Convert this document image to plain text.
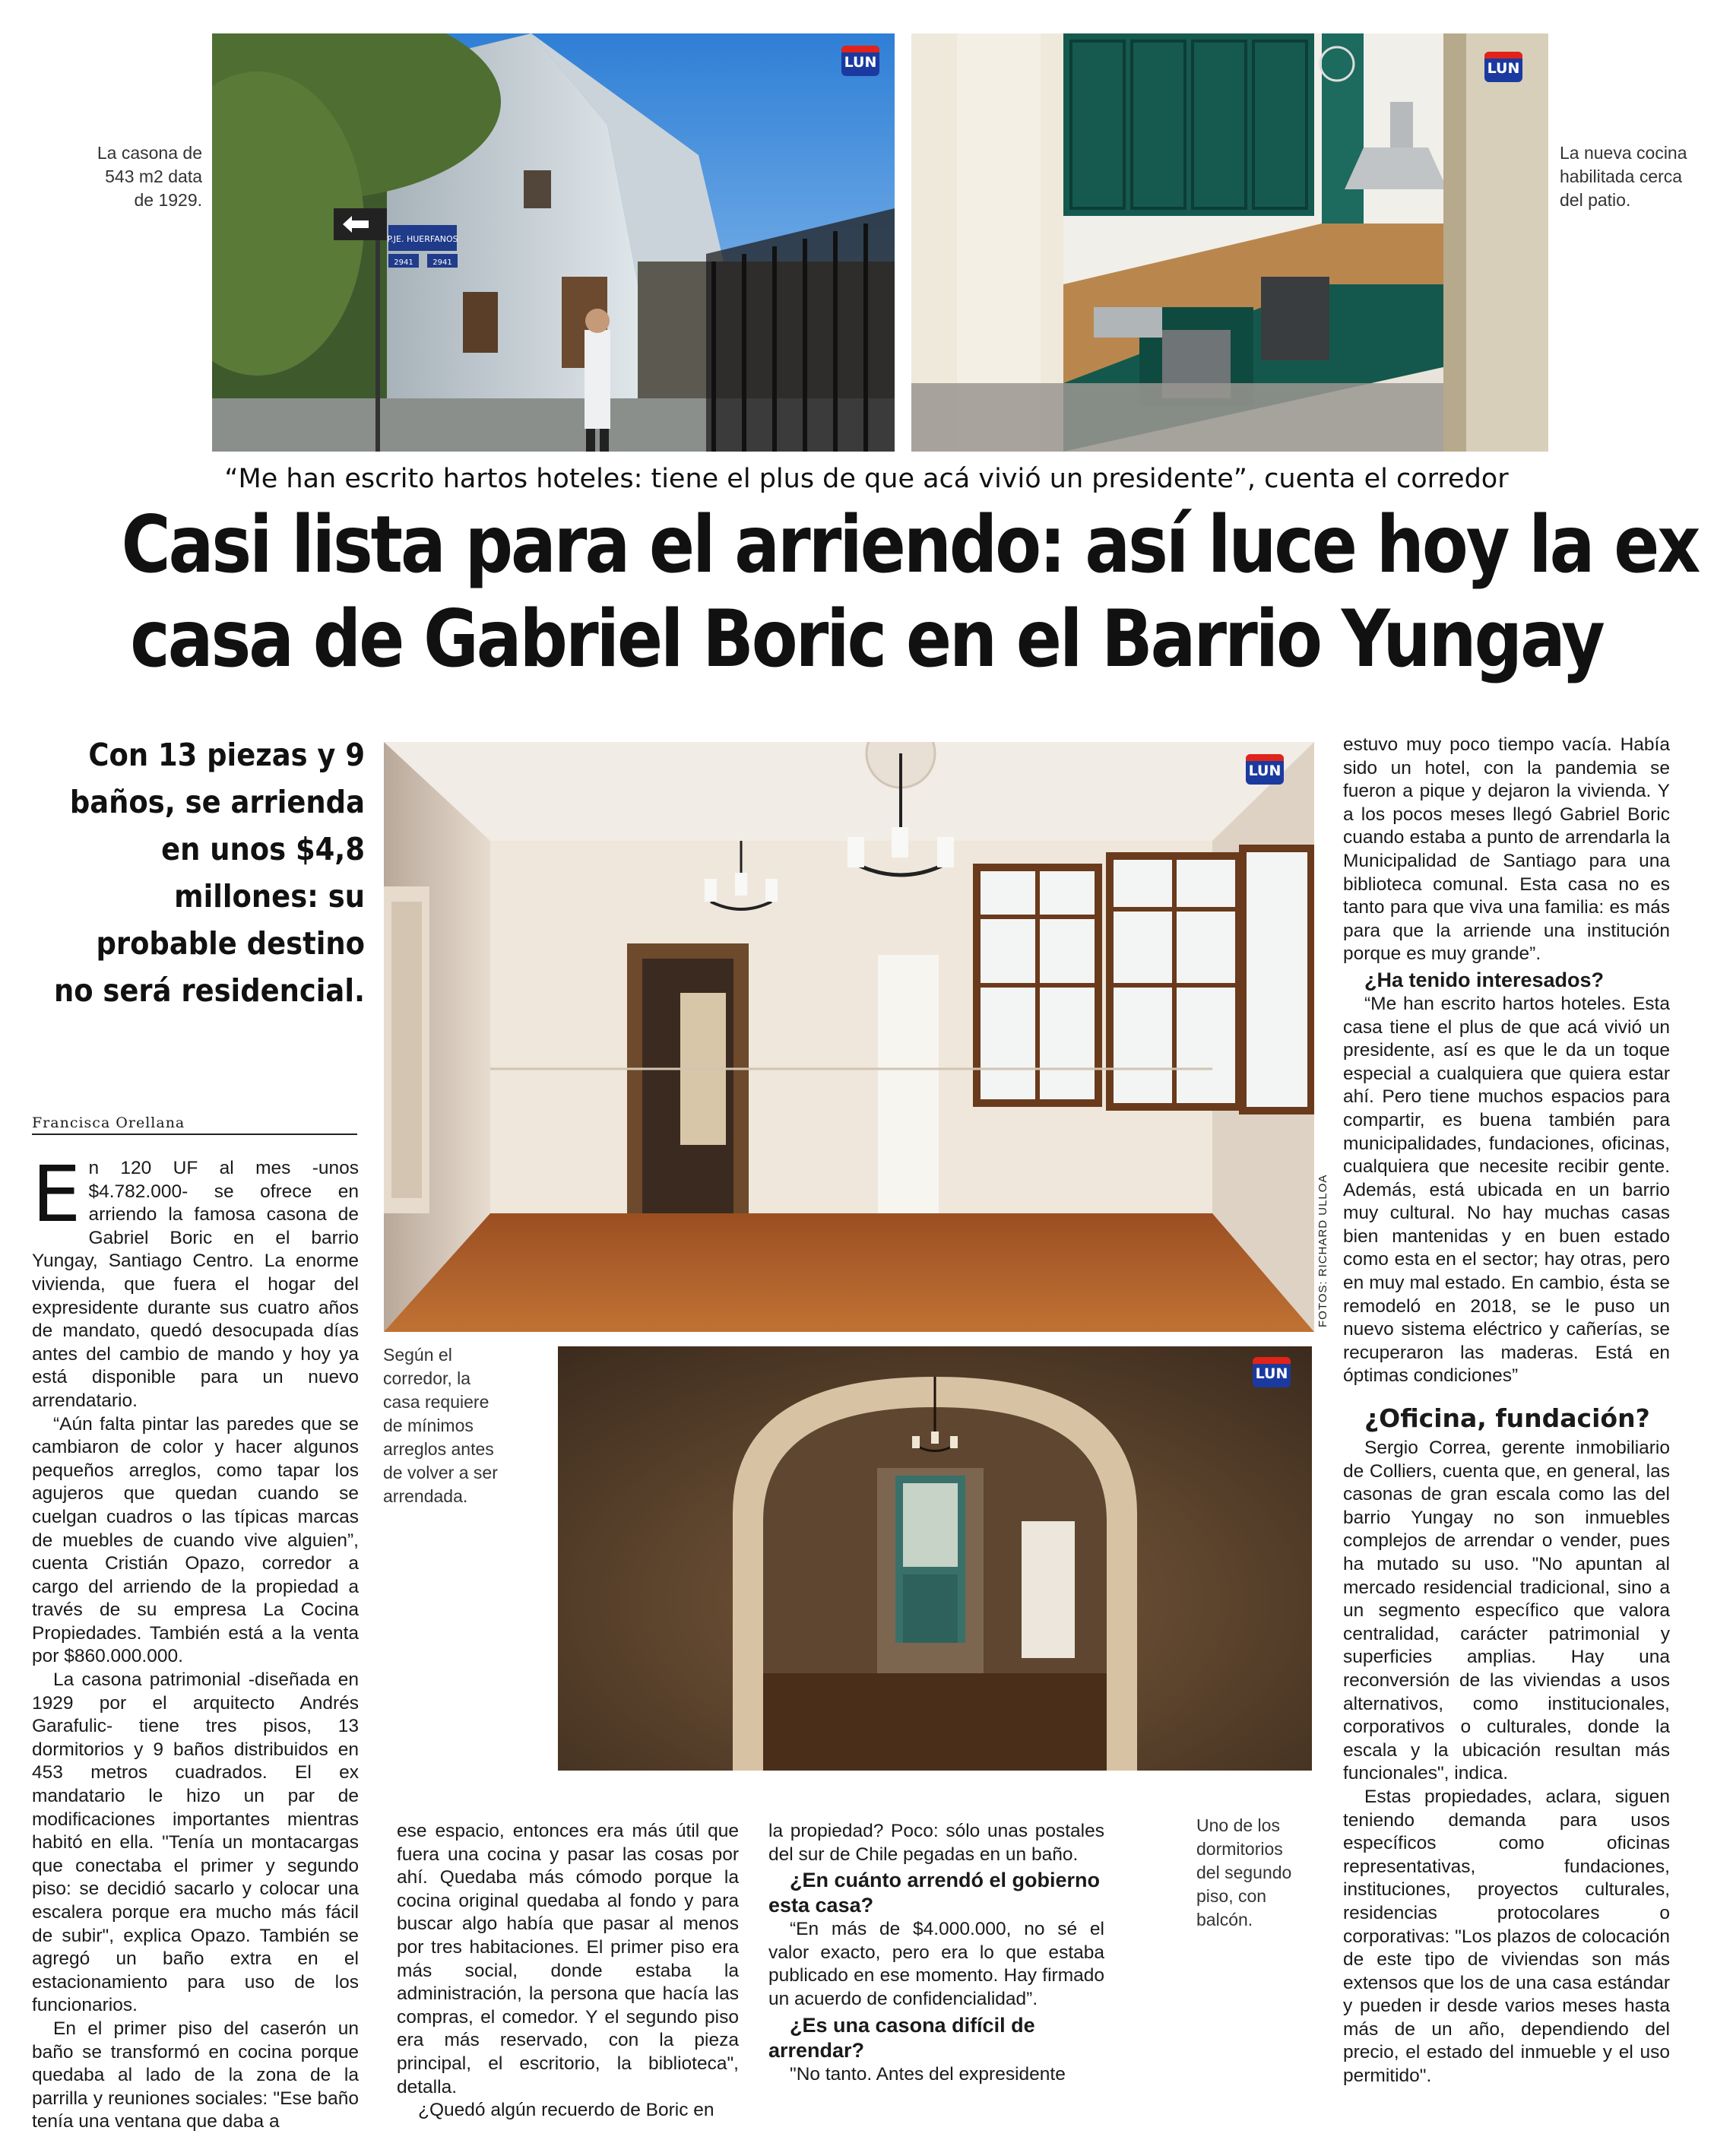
La casona de 543 m2 data de 1929.
P.JE. HUERFANOS
2941	2941
LUN	LUN
La nueva cocina habilitada cerca del patio.
“Me han escrito hartos hoteles: tiene el plus de que acá vivió un presidente”, cuenta el corredor
Casi lista para el arriendo: así luce hoy la ex
casa de Gabriel Boric en el Barrio Yungay
Con 13 piezas y 9 baños, se arrienda en unos $4,8 millones: su probable destino no será residencial.
Francisca Orellana
LUN
FOTOS: RICHARD ULLOA
LUN
Según el corredor, la casa requiere de mínimos arreglos antes de volver a ser arrendada.
Uno de los dormitorios del segundo piso, con balcón.

En 120 UF al mes -unos $4.782.000- se ofrece en arriendo la famosa casona de Gabriel Boric en el barrio Yungay, Santiago Centro. La enorme vivienda, que fuera el hogar del expresidente durante sus cuatro años de mandato, quedó desocupada días antes del cambio de mando y hoy ya está disponible para un nuevo arrendatario.

“Aún falta pintar las paredes que se cambiaron de color y hacer algunos pequeños arreglos, como tapar los agujeros que quedan cuando se cuelgan cuadros o las típicas marcas de muebles de cuando vive alguien”, cuenta Cristián Opazo, corredor a cargo del arriendo de la propiedad a través de su empresa La Cocina Propiedades. También está a la venta por $860.000.000.

La casona patrimonial -diseñada en 1929 por el arquitecto Andrés Garafulic- tiene tres pisos, 13 dormitorios y 9 baños distribuidos en 453 metros cuadrados. El ex mandatario le hizo un par de modificaciones importantes mientras habitó en ella. "Tenía un montacargas que conectaba el primer y segundo piso: se decidió sacarlo y colocar una escalera porque era mucho más fácil de subir", explica Opazo. También se agregó un baño extra en el estacionamiento para uso de los funcionarios.

En el primer piso del caserón un baño se transformó en cocina porque quedaba al lado de la zona de la parrilla y reuniones sociales: "Ese baño tenía una ventana que daba a

ese espacio, entonces era más útil que fuera una cocina y pasar las cosas por ahí. Quedaba más cómodo porque la cocina original quedaba al fondo y para buscar algo había que pasar al menos por tres habitaciones. El primer piso era más social, donde estaba la administración, la persona que hacía las compras, el comedor. Y el segundo piso era más reservado, con la pieza principal, el escritorio, la biblioteca", detalla.

¿Quedó algún recuerdo de Boric en

la propiedad? Poco: sólo unas postales del sur de Chile pegadas en un baño.

¿En cuánto arrendó el gobierno esta casa?

“En más de $4.000.000, no sé el valor exacto, pero era lo que estaba publicado en ese momento. Hay firmado un acuerdo de confidencialidad”.

¿Es una casona difícil de arrendar?

"No tanto. Antes del expresidente

estuvo muy poco tiempo vacía. Había sido un hotel, con la pandemia se fueron a pique y dejaron la vivienda. Y a los pocos meses llegó Gabriel Boric cuando estaba a punto de arrendarla la Municipalidad de Santiago para una biblioteca comunal. Esta casa no es tanto para que viva una familia: es más para que la arriende una institución porque es muy grande”.

¿Ha tenido interesados?

“Me han escrito hartos hoteles. Esta casa tiene el plus de que acá vivió un presidente, así es que le da un toque especial a cualquiera que quiera estar ahí. Pero tiene muchos espacios para compartir, es buena también para municipalidades, fundaciones, oficinas, cualquiera que necesite recibir gente. Además, está ubicada en un barrio muy cultural. No hay muchas casas bien mantenidas y en buen estado como esta en el sector; hay otras, pero en muy mal estado. En cambio, ésta se remodeló en 2018, se le puso un nuevo sistema eléctrico y cañerías, se recuperaron las maderas. Está en óptimas condiciones”

¿Oficina, fundación?

Sergio Correa, gerente inmobiliario de Colliers, cuenta que, en general, las casonas de gran escala como las del barrio Yungay no son inmuebles complejos de arrendar o vender, pues ha mutado su uso. "No apuntan al mercado residencial tradicional, sino a un segmento específico que valora centralidad, carácter patrimonial y superficies amplias. Hay una reconversión de las viviendas a usos alternativos, como institucionales, corporativos o culturales, donde la escala y la ubicación resultan más funcionales", indica.

Estas propiedades, aclara, siguen teniendo demanda para usos específicos como oficinas representativas, fundaciones, instituciones, proyectos culturales, residencias protocolares o corporativas: "Los plazos de colocación de este tipo de viviendas son más extensos que los de una casa estándar y pueden ir desde varios meses hasta más de un año, dependiendo del precio, el estado del inmueble y el uso permitido".
